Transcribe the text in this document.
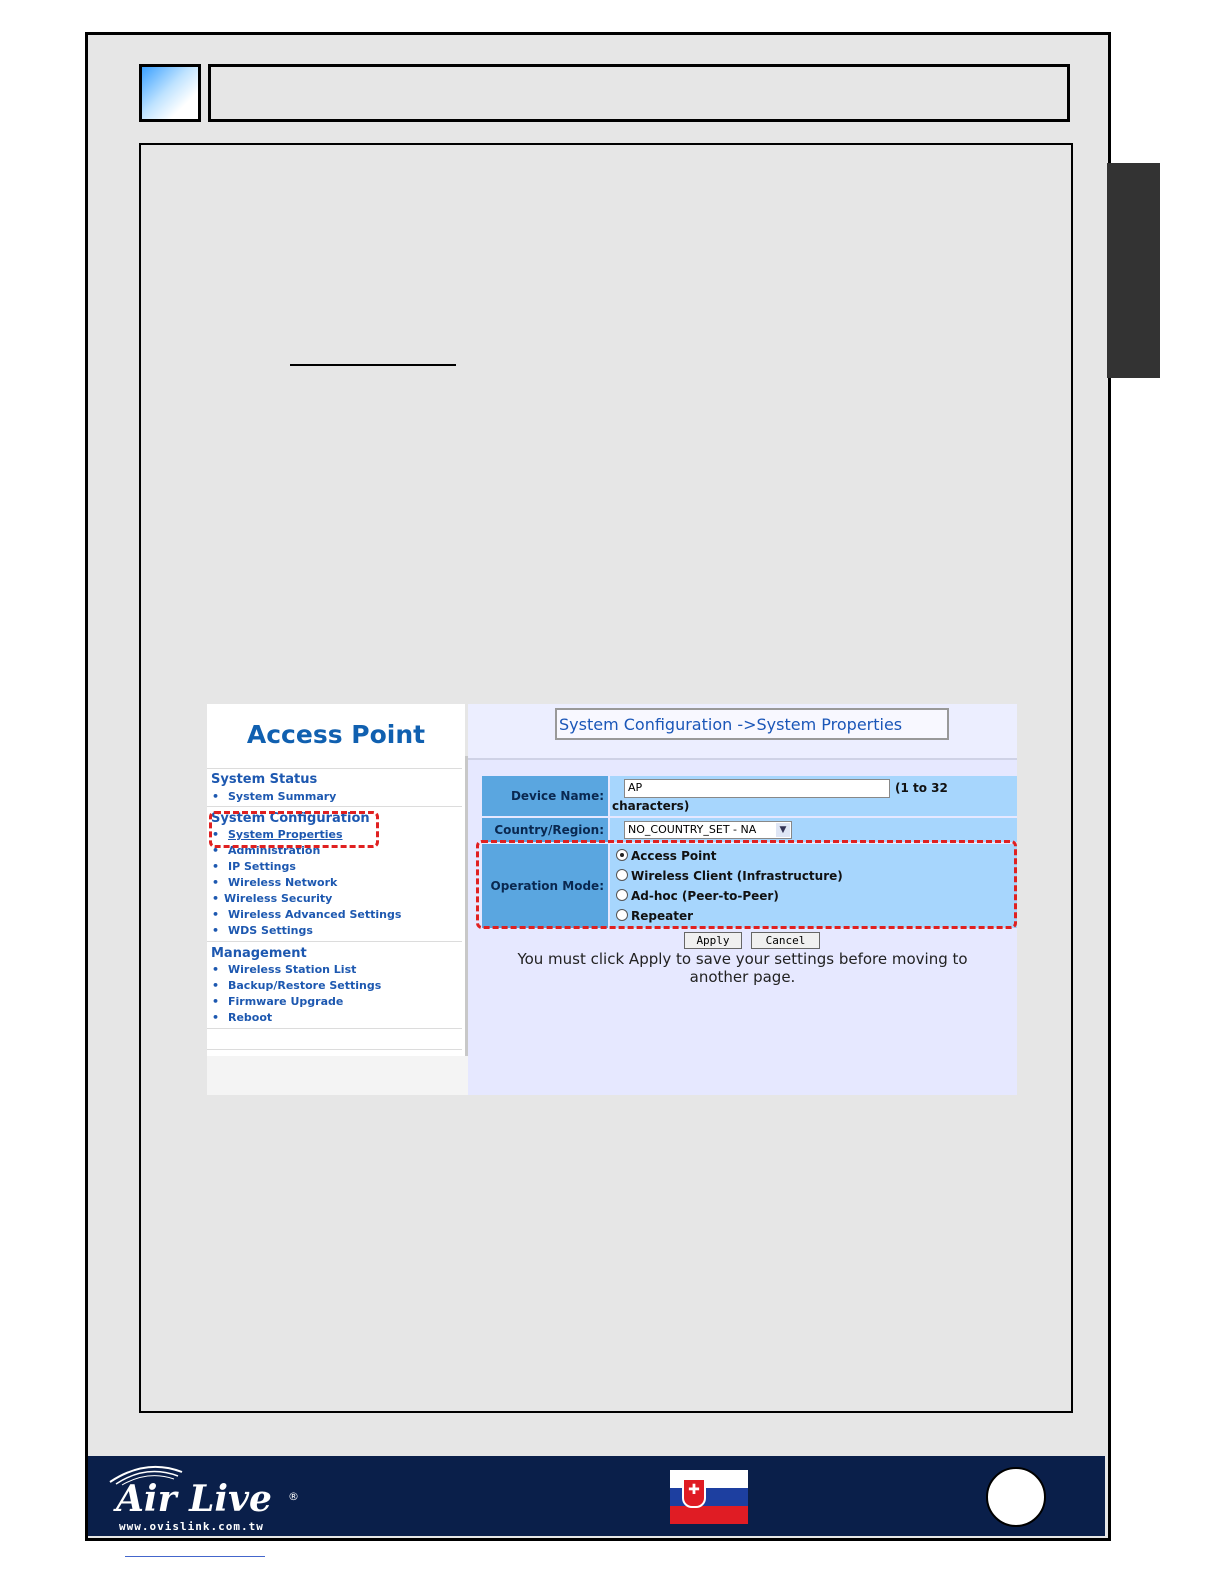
Access Point
System Status
• System Summary
System Configuration
• System Properties
• Administration
• IP Settings
• Wireless Network
• Wireless Security
• Wireless Advanced Settings
• WDS Settings
Management
• Wireless Station List
• Backup/Restore Settings
• Firmware Upgrade
• Reboot
System Configuration ->System Properties
Device Name:
AP	(1 to 32
characters)
Country/Region:	NO_COUNTRY_SET - NA	▼
Operation Mode:
Access Point
Wireless Client (Infrastructure)
Ad-hoc (Peer-to-Peer)
Repeater
Apply	Cancel
You must click Apply to save your settings before moving to
another page.
Air Live ®
www.ovislink.com.tw
✚
